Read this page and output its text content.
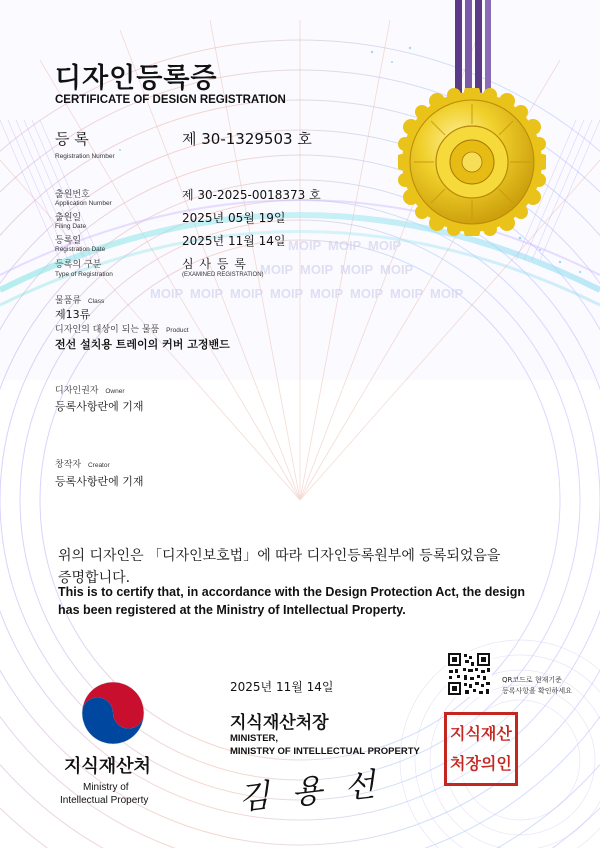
MOIP MOIP MOIP
MOIP MOIP MOIP MOIP
MOIP MOIP MOIP MOIP MOIP MOIP MOIP MOIP
디자인등록증
CERTIFICATE OF DESIGN REGISTRATION
등 록
Registration Number
제 30-1329503 호
출원번호
Application Number
제 30-2025-0018373 호
출원일
Filing Date
2025년 05월 19일
등록일
Registration Date
2025년 11월 14일
등록의 구분
Type of Registration
심 사 등 록
(EXAMINED REGISTRATION)
물품류 Class
제13류
디자인의 대상이 되는 물품 Product
전선 설치용 트레이의 커버 고정밴드
디자인권자 Owner
등록사항란에 기재
창작자 Creator
등록사항란에 기재
위의 디자인은 「디자인보호법」에 따라 디자인등록원부에 등록되었음을
증명합니다.
This is to certify that, in accordance with the Design Protection Act, the design
has been registered at the Ministry of Intellectual Property.
2025년 11월 14일	QR코드로 현재기준
등록사항을 확인하세요
지식재산처장
MINISTER,
MINISTRY OF INTELLECTUAL PROPERTY
김 용 선
지식재산
처장의인
지식재산처
Ministry of
Intellectual Property
